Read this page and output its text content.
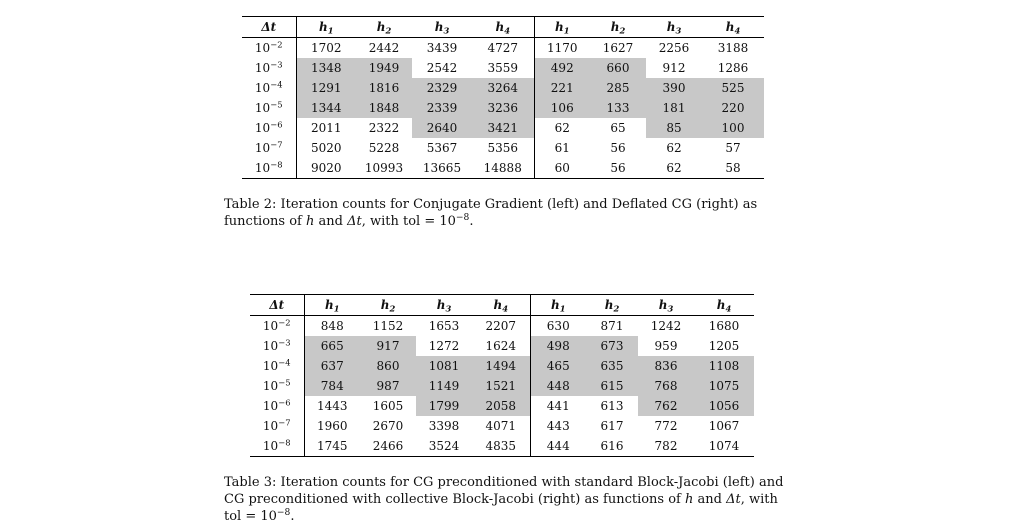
Δt	$h_1$	$h_2$	$h_3$	$h_4$	$h_1$	$h_2$	$h_3$	$h_4$
$10^{-2}$	1702	2442	3439	4727	1170	1627	2256	3188
$10^{-3}$	1348	1949	2542	3559	492	660	912	1286
$10^{-4}$	1291	1816	2329	3264	221	285	390	525
$10^{-5}$	1344	1848	2339	3236	106	133	181	220
$10^{-6}$	2011	2322	2640	3421	62	65	85	100
$10^{-7}$	5020	5228	5367	5356	61	56	62	57
$10^{-8}$	9020	10993	13665	14888	60	56	62	58
Table 2: Iteration counts for Conjugate Gradient (left) and Deflated CG (right) as functions of h and Δt, with tol = $10^{-8}$.
Δt	$h_1$	$h_2$	$h_3$	$h_4$	$h_1$	$h_2$	$h_3$	$h_4$
$10^{-2}$	848	1152	1653	2207	630	871	1242	1680
$10^{-3}$	665	917	1272	1624	498	673	959	1205
$10^{-4}$	637	860	1081	1494	465	635	836	1108
$10^{-5}$	784	987	1149	1521	448	615	768	1075
$10^{-6}$	1443	1605	1799	2058	441	613	762	1056
$10^{-7}$	1960	2670	3398	4071	443	617	772	1067
$10^{-8}$	1745	2466	3524	4835	444	616	782	1074
Table 3: Iteration counts for CG preconditioned with standard Block-Jacobi (left) and CG preconditioned with collective Block-Jacobi (right) as functions of h and Δt, with tol = $10^{-8}$.
